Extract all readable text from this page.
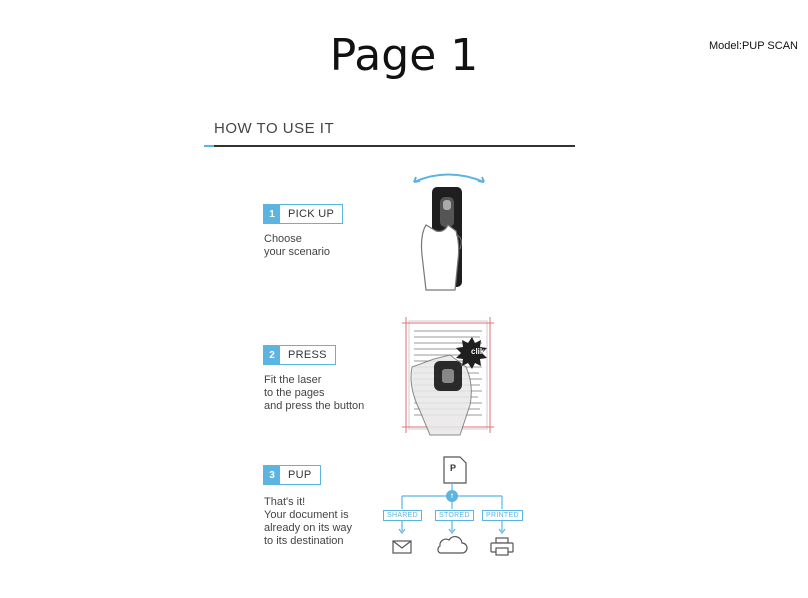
Page 1	Model:PUP SCAN
HOW TO USE IT
1	PICK UP
Choose
your scenario
2	PRESS
Fit the laser
to the pages
and press the button
clik
3	PUP
That's it!
Your document is
already on its way
to its destination
P
SHARED	STORED	PRINTED
